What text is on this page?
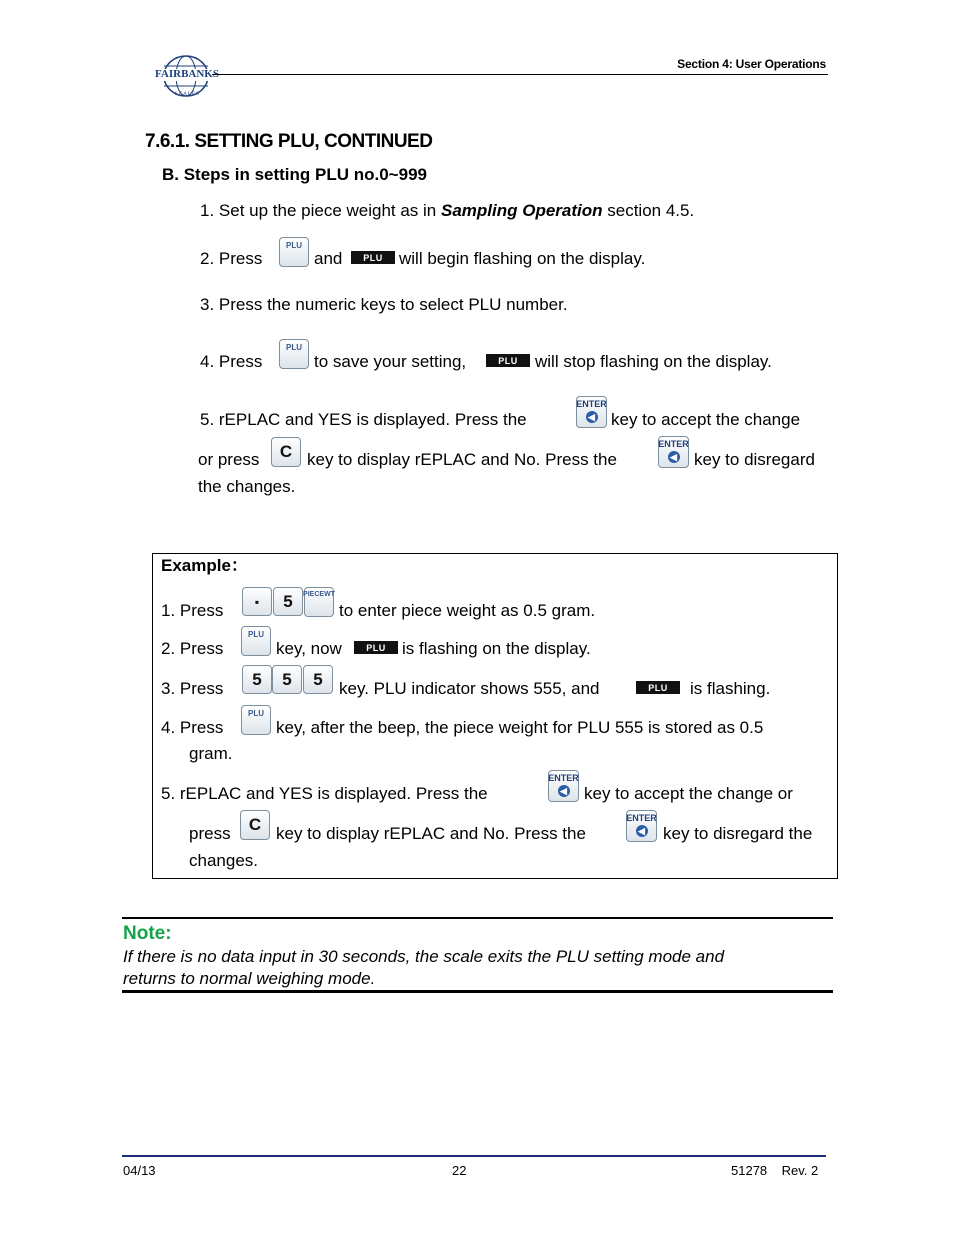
FAIRBANKS
S C A L E S
Section 4: User Operations
7.6.1. SETTING PLU, CONTINUED
B. Steps in setting PLU no.0~999
1. Set up the piece weight as in Sampling Operation section 4.5.
2. Press
PLU
and	PLU will begin flashing on the display.
3. Press the numeric keys to select PLU number.
4. Press
PLU
to save your setting,	PLU	will stop flashing on the display.
5. rEPLAC and YES is displayed. Press the
ENTER
◀ key to accept the change
or press	C key to display rEPLAC and No. Press the
ENTER
◀ key to disregard
the changes.
Example：
1. Press	▪	5	PIECE WT
to enter piece weight as 0.5 gram.
2. Press
PLU
key, now	PLU is flashing on the display.
3. Press	5	5	5 key. PLU indicator shows 555, and	PLU	is flashing.
4. Press
PLU
key, after the beep, the piece weight for PLU 555 is stored as 0.5
gram.
5. rEPLAC and YES is displayed. Press the
ENTER
◀ key to accept the change or
press	C key to display rEPLAC and No. Press the
ENTER
◀ key to disregard the
changes.
Note:
If there is no data input in 30 seconds, the scale exits the PLU setting mode and
returns to normal weighing mode.
04/13	22	51278    Rev. 2
